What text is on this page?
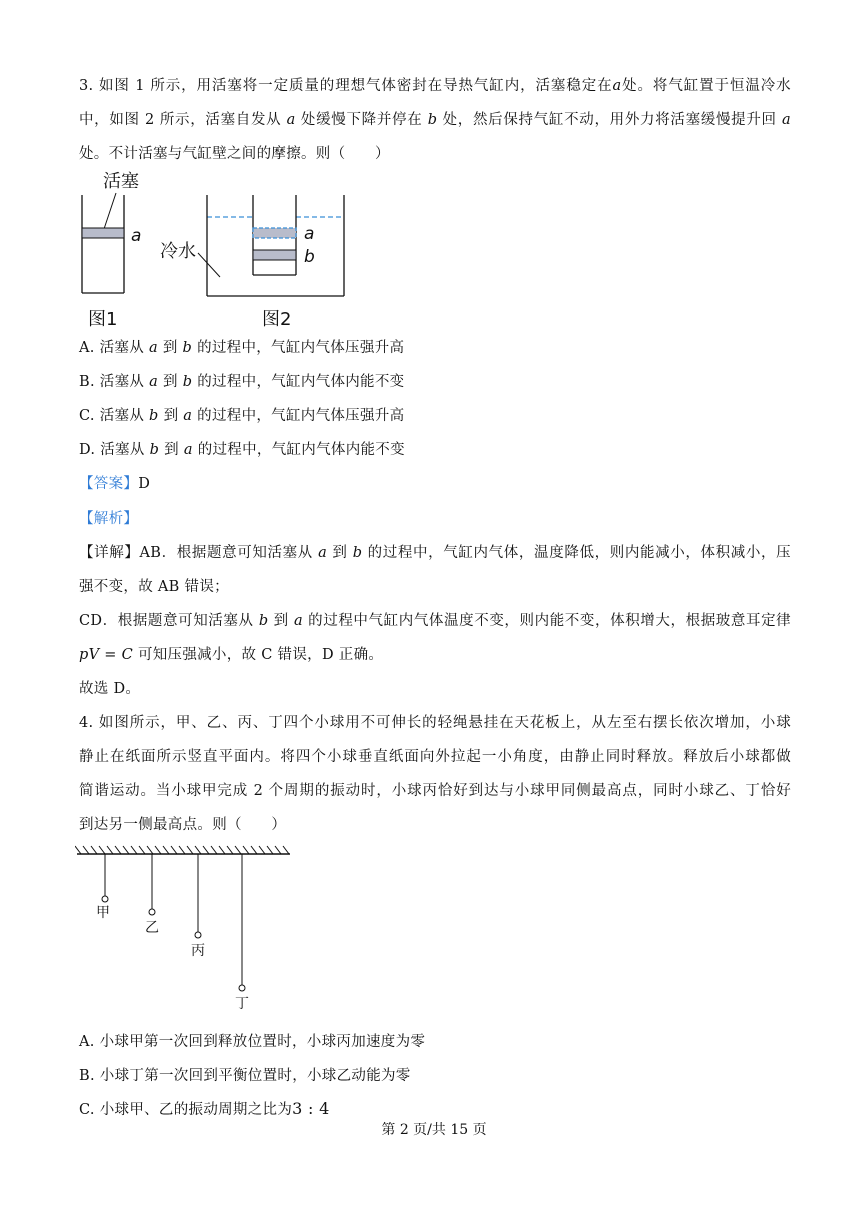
3. 如图 1 所示，用活塞将一定质量的理想气体密封在导热气缸内，活塞稳定在a处。将气缸置于恒温冷水
中，如图 2 所示，活塞自发从 a 处缓慢下降并停在 b 处，然后保持气缸不动，用外力将活塞缓慢提升回 a
处。不计活塞与气缸壁之间的摩擦。则（　　）
活塞
a
图1
a
b
冷水
图2
A. 活塞从 a 到 b 的过程中，气缸内气体压强升高
B. 活塞从 a 到 b 的过程中，气缸内气体内能不变
C. 活塞从 b 到 a 的过程中，气缸内气体压强升高
D. 活塞从 b 到 a 的过程中，气缸内气体内能不变
【答案】D
【解析】
【详解】AB．根据题意可知活塞从 a 到 b 的过程中，气缸内气体，温度降低，则内能减小，体积减小，压
强不变，故 AB 错误；
CD．根据题意可知活塞从 b 到 a 的过程中气缸内气体温度不变，则内能不变，体积增大，根据玻意耳定律
pV = C 可知压强减小，故 C 错误，D 正确。
故选 D。
4. 如图所示，甲、乙、丙、丁四个小球用不可伸长的轻绳悬挂在天花板上，从左至右摆长依次增加，小球
静止在纸面所示竖直平面内。将四个小球垂直纸面向外拉起一小角度，由静止同时释放。释放后小球都做
简谐运动。当小球甲完成 2 个周期的振动时，小球丙恰好到达与小球甲同侧最高点，同时小球乙、丁恰好
到达另一侧最高点。则（　　）
甲
乙
丙
丁
A. 小球甲第一次回到释放位置时，小球丙加速度为零
B. 小球丁第一次回到平衡位置时，小球乙动能为零
C. 小球甲、乙的振动周期之比为3 : 4
第 2 页/共 15 页
